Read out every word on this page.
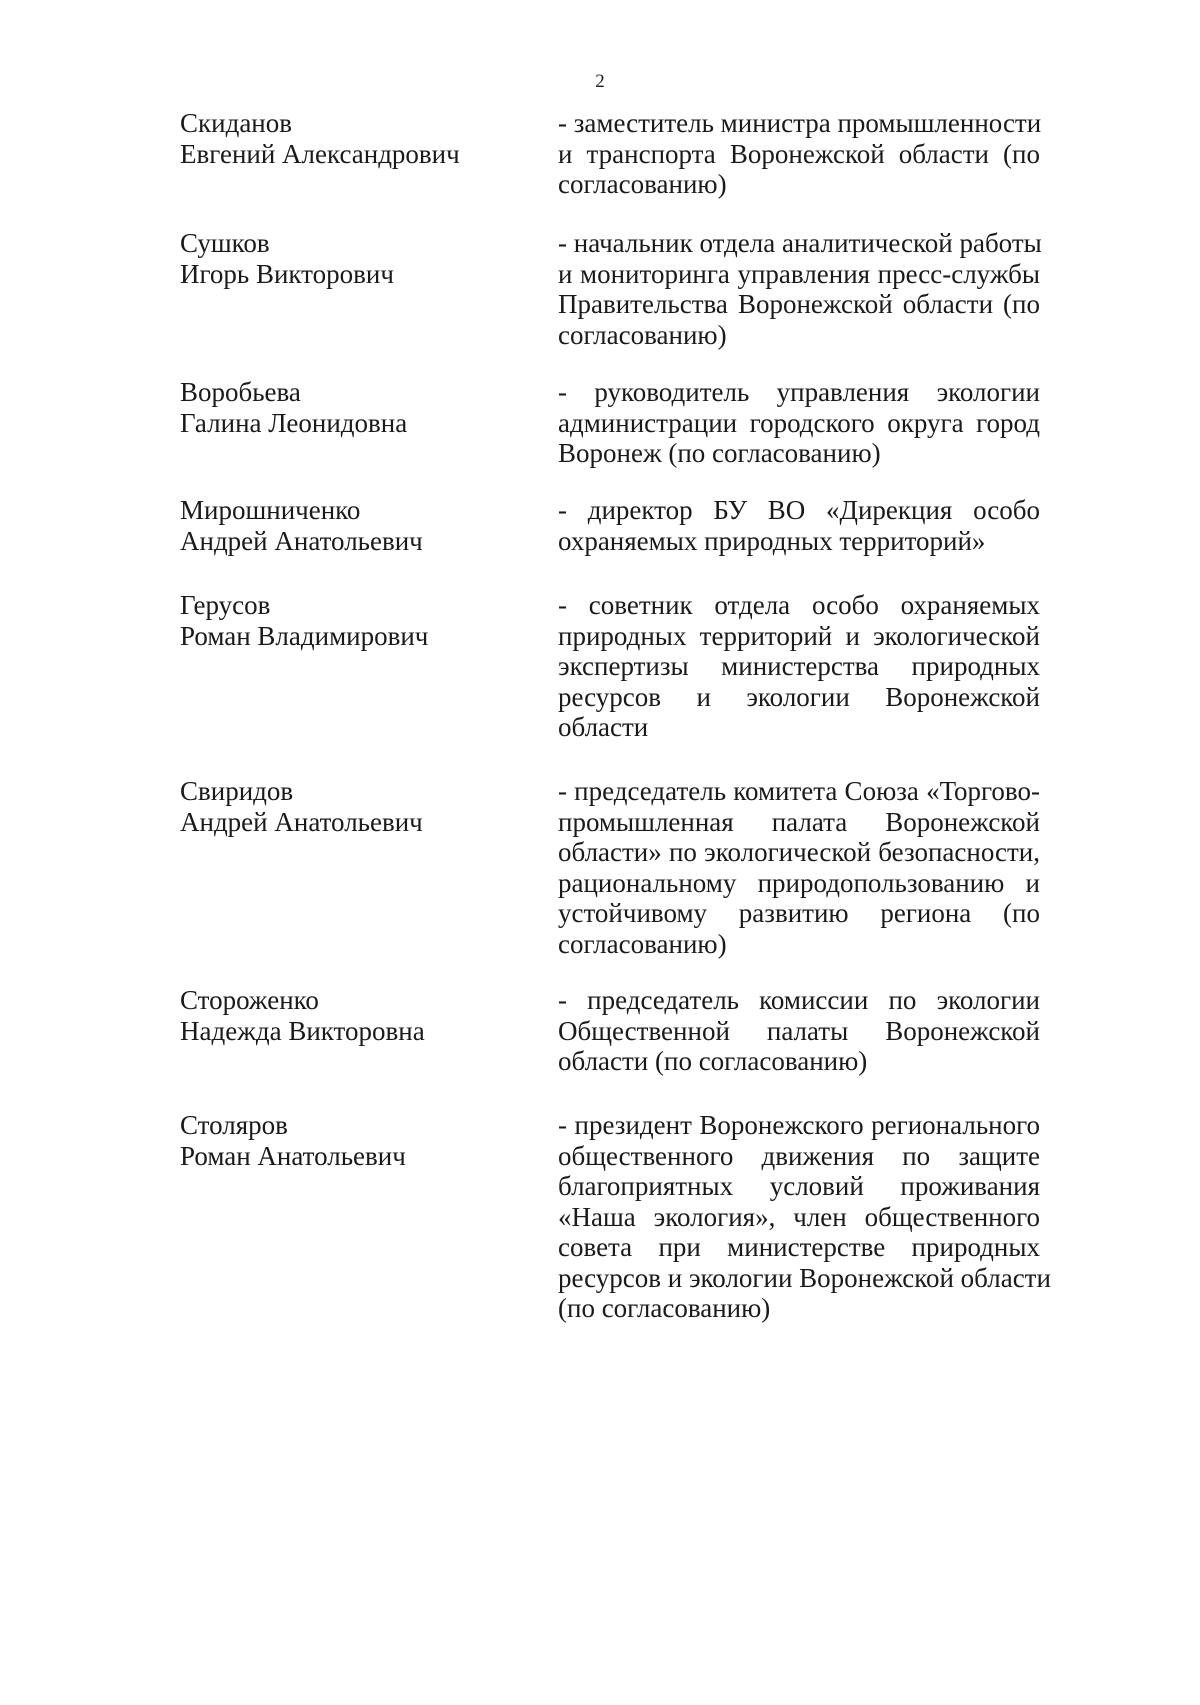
2
Скиданов
Евгений Александрович
- заместитель министра промышленности
и транспорта Воронежской области (по
согласованию)
Сушков
Игорь Викторович
- начальник отдела аналитической работы
и мониторинга управления пресс-службы
Правительства Воронежской области (по
согласованию)
Воробьева
Галина Леонидовна
- руководитель управления экологии
администрации городского округа город
Воронеж (по согласованию)
Мирошниченко
Андрей Анатольевич
- директор БУ ВО «Дирекция особо
охраняемых природных территорий»
Герусов
Роман Владимирович
- советник отдела особо охраняемых
природных территорий и экологической
экспертизы министерства природных
ресурсов и экологии Воронежской
области
Свиридов
Андрей Анатольевич
- председатель комитета Союза «Торгово-
промышленная палата Воронежской
области» по экологической безопасности,
рациональному природопользованию и
устойчивому развитию региона (по
согласованию)
Стороженко
Надежда Викторовна
- председатель комиссии по экологии
Общественной палаты Воронежской
области (по согласованию)
Столяров
Роман Анатольевич
- президент Воронежского регионального
общественного движения по защите
благоприятных условий проживания
«Наша экология», член общественного
совета при министерстве природных
ресурсов и экологии Воронежской области
(по согласованию)
